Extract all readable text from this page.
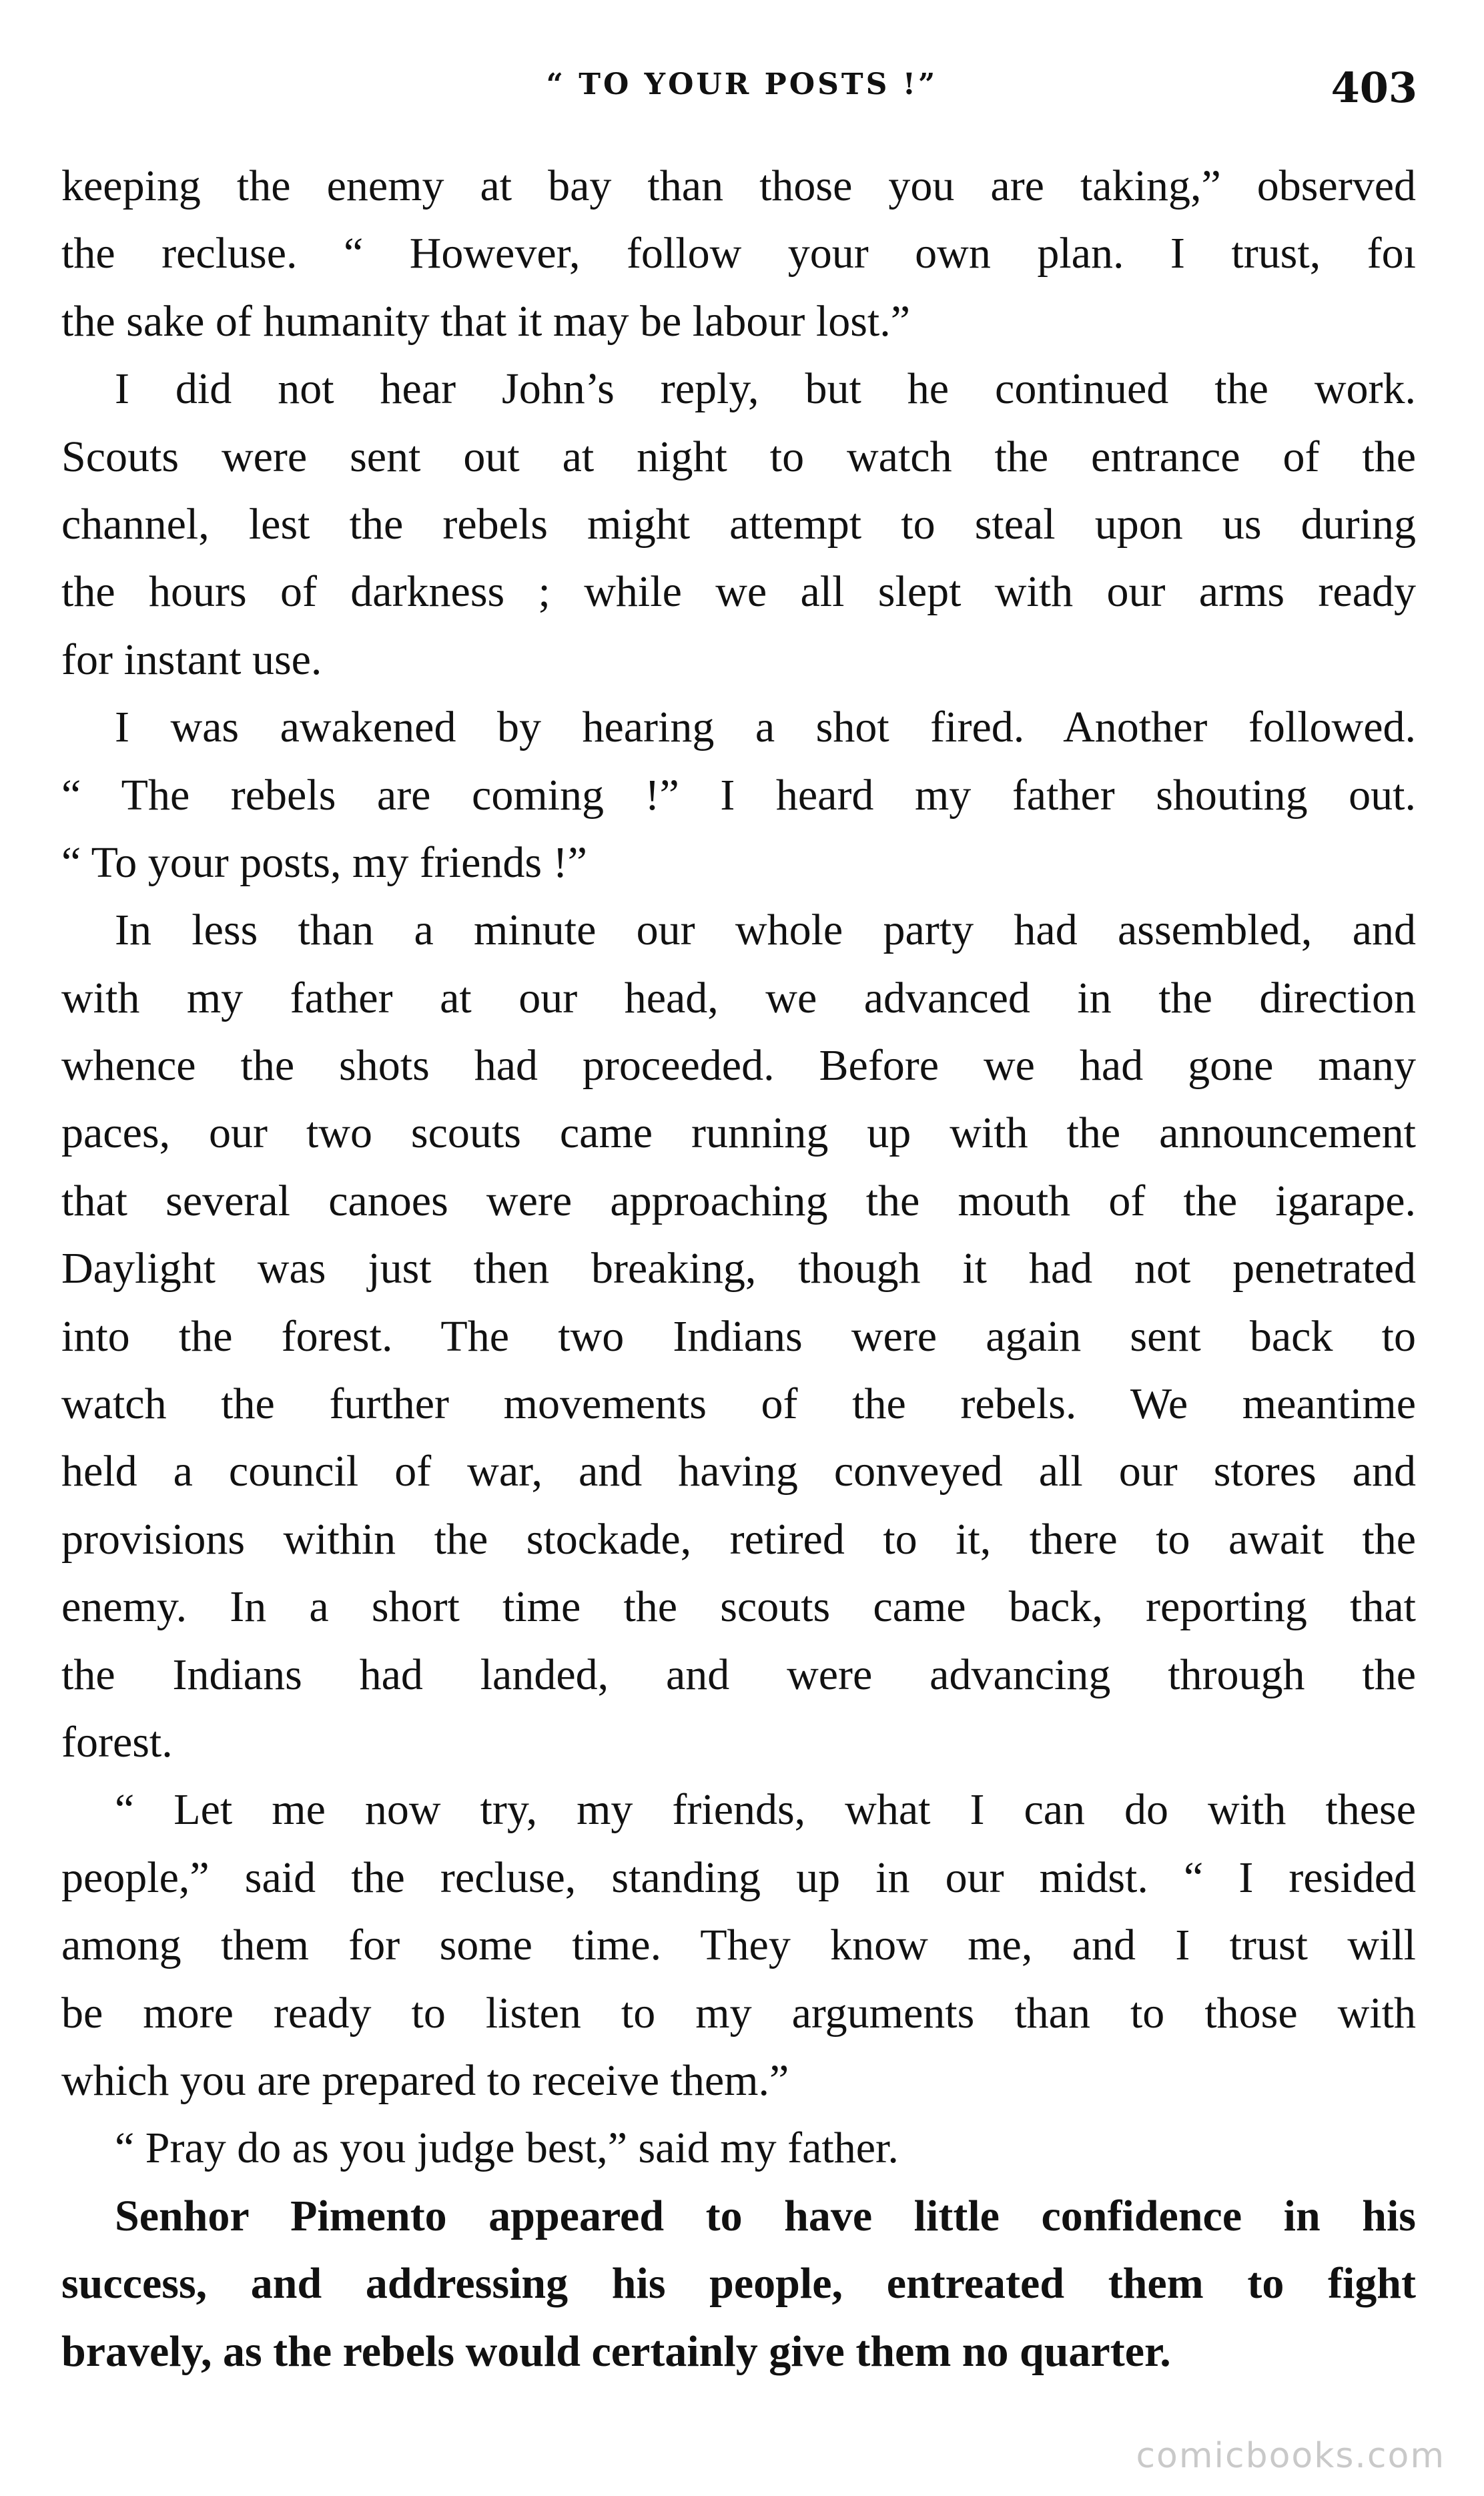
“ TO YOUR POSTS !”	403
keeping the enemy at bay than those you are taking,” observed
the recluse. “ However, follow your own plan. I trust, foı
the sake of humanity that it may be labour lost.”
I did not hear John’s reply, but he continued the work.
Scouts were sent out at night to watch the entrance of the
channel, lest the rebels might attempt to steal upon us during
the hours of darkness ; while we all slept with our arms ready
for instant use.
I was awakened by hearing a shot fired. Another followed.
“ The rebels are coming !” I heard my father shouting out.
“ To your posts, my friends !”
In less than a minute our whole party had assembled, and
with my father at our head, we advanced in the direction
whence the shots had proceeded. Before we had gone many
paces, our two scouts came running up with the announcement
that several canoes were approaching the mouth of the igarape.
Daylight was just then breaking, though it had not penetrated
into the forest. The two Indians were again sent back to
watch the further movements of the rebels. We meantime
held a council of war, and having conveyed all our stores and
provisions within the stockade, retired to it, there to await the
enemy. In a short time the scouts came back, reporting that
the Indians had landed, and were advancing through the
forest.
“ Let me now try, my friends, what I can do with these
people,” said the recluse, standing up in our midst. “ I resided
among them for some time. They know me, and I trust will
be more ready to listen to my arguments than to those with
which you are prepared to receive them.”
“ Pray do as you judge best,” said my father.
Senhor Pimento appeared to have little confidence in his
success, and addressing his people, entreated them to fight
bravely, as the rebels would certainly give them no quarter.
comicbooks.com
